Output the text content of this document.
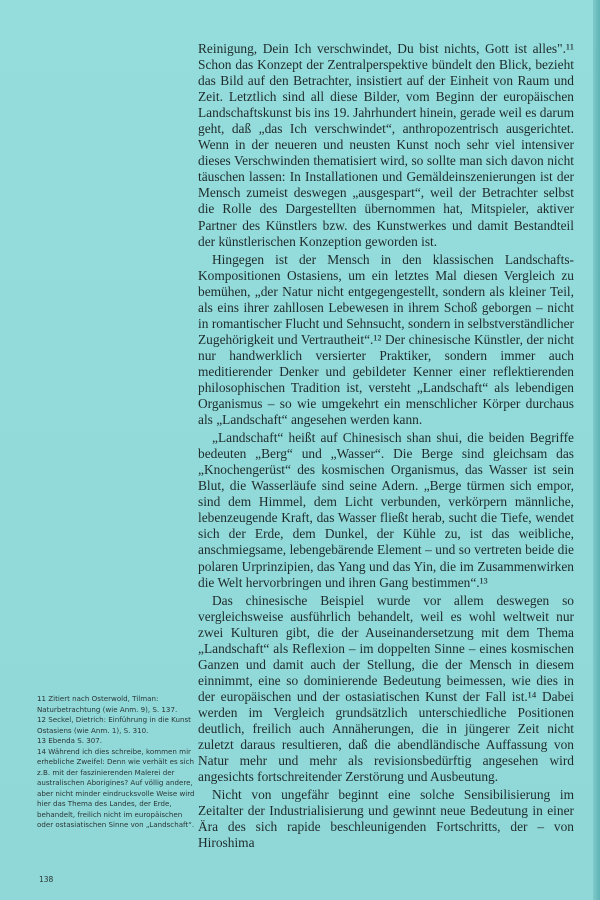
Reinigung, Dein Ich verschwindet, Du bist nichts, Gott ist alles".¹¹ Schon das Konzept der Zentralperspektive bündelt den Blick, bezieht das Bild auf den Betrachter, insistiert auf der Einheit von Raum und Zeit. Letztlich sind all diese Bilder, vom Beginn der europäischen Landschaftskunst bis ins 19. Jahrhundert hinein, gerade weil es darum geht, daß „das Ich verschwindet“, anthropozentrisch ausgerichtet. Wenn in der neueren und neusten Kunst noch sehr viel intensiver dieses Verschwinden thematisiert wird, so sollte man sich davon nicht täuschen lassen: In Installationen und Gemäldeinszenierungen ist der Mensch zumeist deswegen „ausgespart“, weil der Betrachter selbst die Rolle des Dargestellten übernommen hat, Mitspieler, aktiver Partner des Künstlers bzw. des Kunstwerkes und damit Bestandteil der künstlerischen Konzeption geworden ist.

Hingegen ist der Mensch in den klassischen Landschafts-Kompositionen Ostasiens, um ein letztes Mal diesen Vergleich zu bemühen, „der Natur nicht entgegengestellt, sondern als kleiner Teil, als eins ihrer zahllosen Lebewesen in ihrem Schoß geborgen – nicht in romantischer Flucht und Sehnsucht, sondern in selbstverständlicher Zugehörigkeit und Vertrautheit“.¹² Der chinesische Künstler, der nicht nur handwerklich versierter Praktiker, sondern immer auch meditierender Denker und gebildeter Kenner einer reflektierenden philosophischen Tradition ist, versteht „Landschaft“ als lebendigen Organismus – so wie umgekehrt ein menschlicher Körper durchaus als „Landschaft“ angesehen werden kann.

„Landschaft“ heißt auf Chinesisch shan shui, die beiden Begriffe bedeuten „Berg“ und „Wasser“. Die Berge sind gleichsam das „Knochengerüst“ des kosmischen Organismus, das Wasser ist sein Blut, die Wasserläufe sind seine Adern. „Berge türmen sich empor, sind dem Himmel, dem Licht verbunden, verkörpern männliche, lebenzeugende Kraft, das Wasser fließt herab, sucht die Tiefe, wendet sich der Erde, dem Dunkel, der Kühle zu, ist das weibliche, anschmiegsame, lebengebärende Element – und so vertreten beide die polaren Urprinzipien, das Yang und das Yin, die im Zusammenwirken die Welt hervorbringen und ihren Gang bestimmen“.¹³

Das chinesische Beispiel wurde vor allem deswegen so vergleichsweise ausführlich behandelt, weil es wohl weltweit nur zwei Kulturen gibt, die der Auseinandersetzung mit dem Thema „Landschaft“ als Reflexion – im doppelten Sinne – eines kosmischen Ganzen und damit auch der Stellung, die der Mensch in diesem einnimmt, eine so dominierende Bedeutung beimessen, wie dies in der europäischen und der ostasiatischen Kunst der Fall ist.¹⁴ Dabei werden im Vergleich grundsätzlich unterschiedliche Positionen deutlich, freilich auch Annäherungen, die in jüngerer Zeit nicht zuletzt daraus resultieren, daß die abendländische Auffassung von Natur mehr und mehr als revisionsbedürftig angesehen wird angesichts fortschreitender Zerstörung und Ausbeutung.

Nicht von ungefähr beginnt eine solche Sensibilisierung im Zeitalter der Industrialisierung und gewinnt neue Bedeutung in einer Ära des sich rapide beschleunigenden Fortschritts, der – von Hiroshima

11 Zitiert nach Osterwold, Tilman: Naturbetrachtung (wie Anm. 9), S. 137.
12 Seckel, Dietrich: Einführung in die Kunst Ostasiens (wie Anm. 1), S. 310.
13 Ebenda S. 307.
14 Während ich dies schreibe, kommen mir erhebliche Zweifel: Denn wie verhält es sich z.B. mit der faszinierenden Malerei der australischen Aborigines? Auf völlig andere, aber nicht minder eindrucksvolle Weise wird hier das Thema des Landes, der Erde, behandelt, freilich nicht im europäischen oder ostasiatischen Sinne von „Landschaft“.
138
